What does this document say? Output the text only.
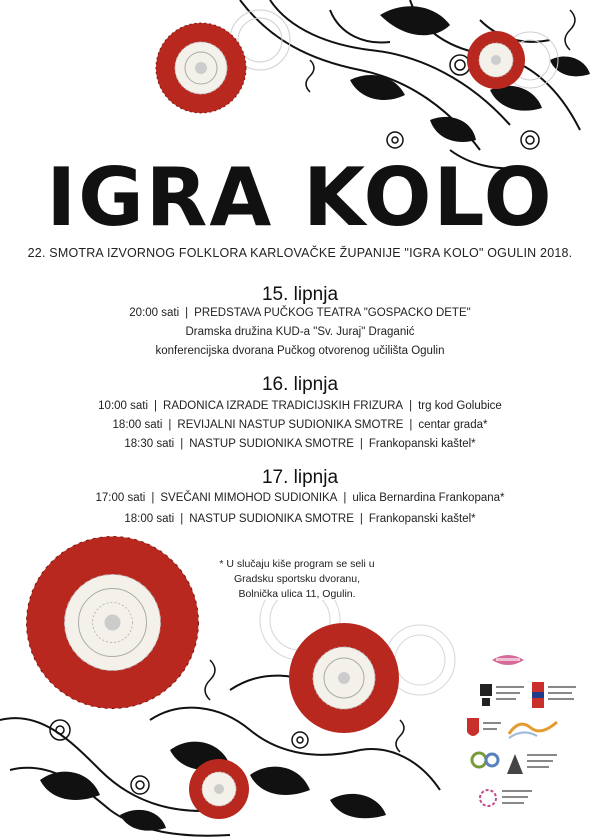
IGRA KOLO
22. SMOTRA IZVORNOG FOLKLORA KARLOVAČKE ŽUPANIJE "IGRA KOLO" OGULIN 2018.
15. lipnja
20:00 sati | PREDSTAVA PUČKOG TEATRA "GOSPACKO DETE"
Dramska družina KUD-a "Sv. Juraj" Draganić
konferencijska dvorana Pučkog otvorenog učilišta Ogulin
16. lipnja
10:00 sati | RADONICA IZRADE TRADICIJSKIH FRIZURA | trg kod Golubice
18:00 sati | REVIJALNI NASTUP SUDIONIKA SMOTRE | centar grada*
18:30 sati | NASTUP SUDIONIKA SMOTRE | Frankopanski kaštel*
17. lipnja
17:00 sati | SVEČANI MIMOHOD SUDIONIKA | ulica Bernardina Frankopana*
18:00 sati | NASTUP SUDIONIKA SMOTRE | Frankopanski kaštel*
* U slučaju kiše program se seli u
Gradsku sportsku dvoranu,
Bolnička ulica 11, Ogulin.
